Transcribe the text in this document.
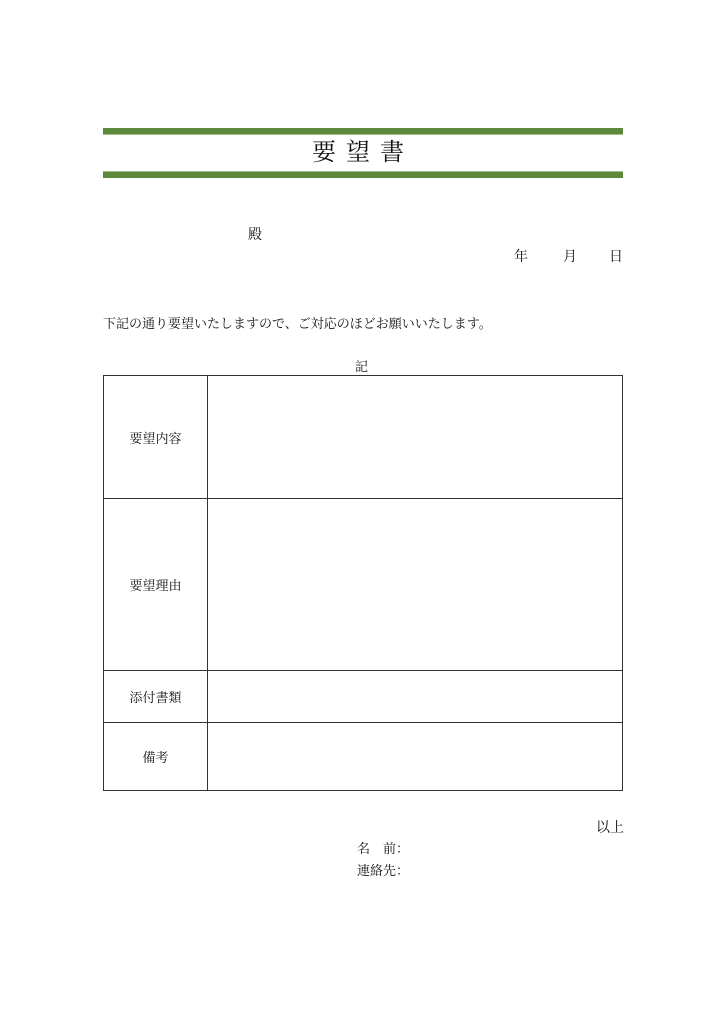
要望書
殿
年	月 日
下記の通り要望いたしますので、ご対応のほどお願いいたします。
記
要望内容
要望理由
添付書類
備考
以上
名 前：
連絡先：
